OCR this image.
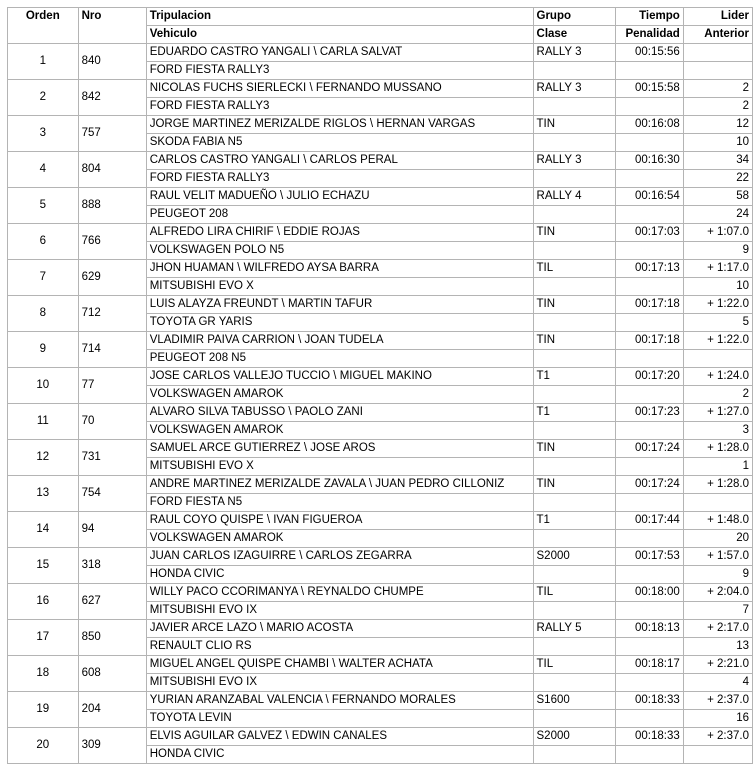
Orden	Nro	Tripulacion	Grupo	Tiempo	Lider
		Vehiculo	Clase	Penalidad	Anterior
1	840	EDUARDO CASTRO YANGALI \ CARLA SALVAT	RALLY 3	00:15:56	
		FORD FIESTA RALLY3			
2	842	NICOLAS FUCHS SIERLECKI \ FERNANDO MUSSANO	RALLY 3	00:15:58	2
		FORD FIESTA RALLY3			2
3	757	JORGE MARTINEZ MERIZALDE RIGLOS \ HERNAN VARGAS	TIN	00:16:08	12
		SKODA FABIA N5			10
4	804	CARLOS CASTRO YANGALI \ CARLOS PERAL	RALLY 3	00:16:30	34
		FORD FIESTA RALLY3			22
5	888	RAUL VELIT MADUEÑO \ JULIO ECHAZU	RALLY 4	00:16:54	58
		PEUGEOT 208			24
6	766	ALFREDO LIRA CHIRIF \ EDDIE ROJAS	TIN	00:17:03	+ 1:07.0
		VOLKSWAGEN POLO N5			9
7	629	JHON HUAMAN \ WILFREDO AYSA BARRA	TIL	00:17:13	+ 1:17.0
		MITSUBISHI EVO X			10
8	712	LUIS ALAYZA FREUNDT \ MARTIN TAFUR	TIN	00:17:18	+ 1:22.0
		TOYOTA GR YARIS			5
9	714	VLADIMIR PAIVA CARRION \ JOAN TUDELA	TIN	00:17:18	+ 1:22.0
		PEUGEOT 208 N5			
10	77	JOSE CARLOS VALLEJO TUCCIO \ MIGUEL MAKINO	T1	00:17:20	+ 1:24.0
		VOLKSWAGEN AMAROK			2
11	70	ALVARO SILVA TABUSSO \ PAOLO ZANI	T1	00:17:23	+ 1:27.0
		VOLKSWAGEN AMAROK			3
12	731	SAMUEL ARCE GUTIERREZ \ JOSE AROS	TIN	00:17:24	+ 1:28.0
		MITSUBISHI EVO X			1
13	754	ANDRE MARTINEZ MERIZALDE ZAVALA \ JUAN PEDRO CILLONIZ	TIN	00:17:24	+ 1:28.0
		FORD FIESTA N5			
14	94	RAUL COYO QUISPE \ IVAN FIGUEROA	T1	00:17:44	+ 1:48.0
		VOLKSWAGEN AMAROK			20
15	318	JUAN CARLOS IZAGUIRRE \ CARLOS ZEGARRA	S2000	00:17:53	+ 1:57.0
		HONDA CIVIC			9
16	627	WILLY PACO CCORIMANYA \ REYNALDO CHUMPE	TIL	00:18:00	+ 2:04.0
		MITSUBISHI EVO IX			7
17	850	JAVIER ARCE LAZO \ MARIO ACOSTA	RALLY 5	00:18:13	+ 2:17.0
		RENAULT CLIO RS			13
18	608	MIGUEL ANGEL QUISPE CHAMBI \ WALTER ACHATA	TIL	00:18:17	+ 2:21.0
		MITSUBISHI EVO IX			4
19	204	YURIAN ARANZABAL VALENCIA \ FERNANDO MORALES	S1600	00:18:33	+ 2:37.0
		TOYOTA LEVIN			16
20	309	ELVIS AGUILAR GALVEZ \ EDWIN CANALES	S2000	00:18:33	+ 2:37.0
		HONDA CIVIC			
